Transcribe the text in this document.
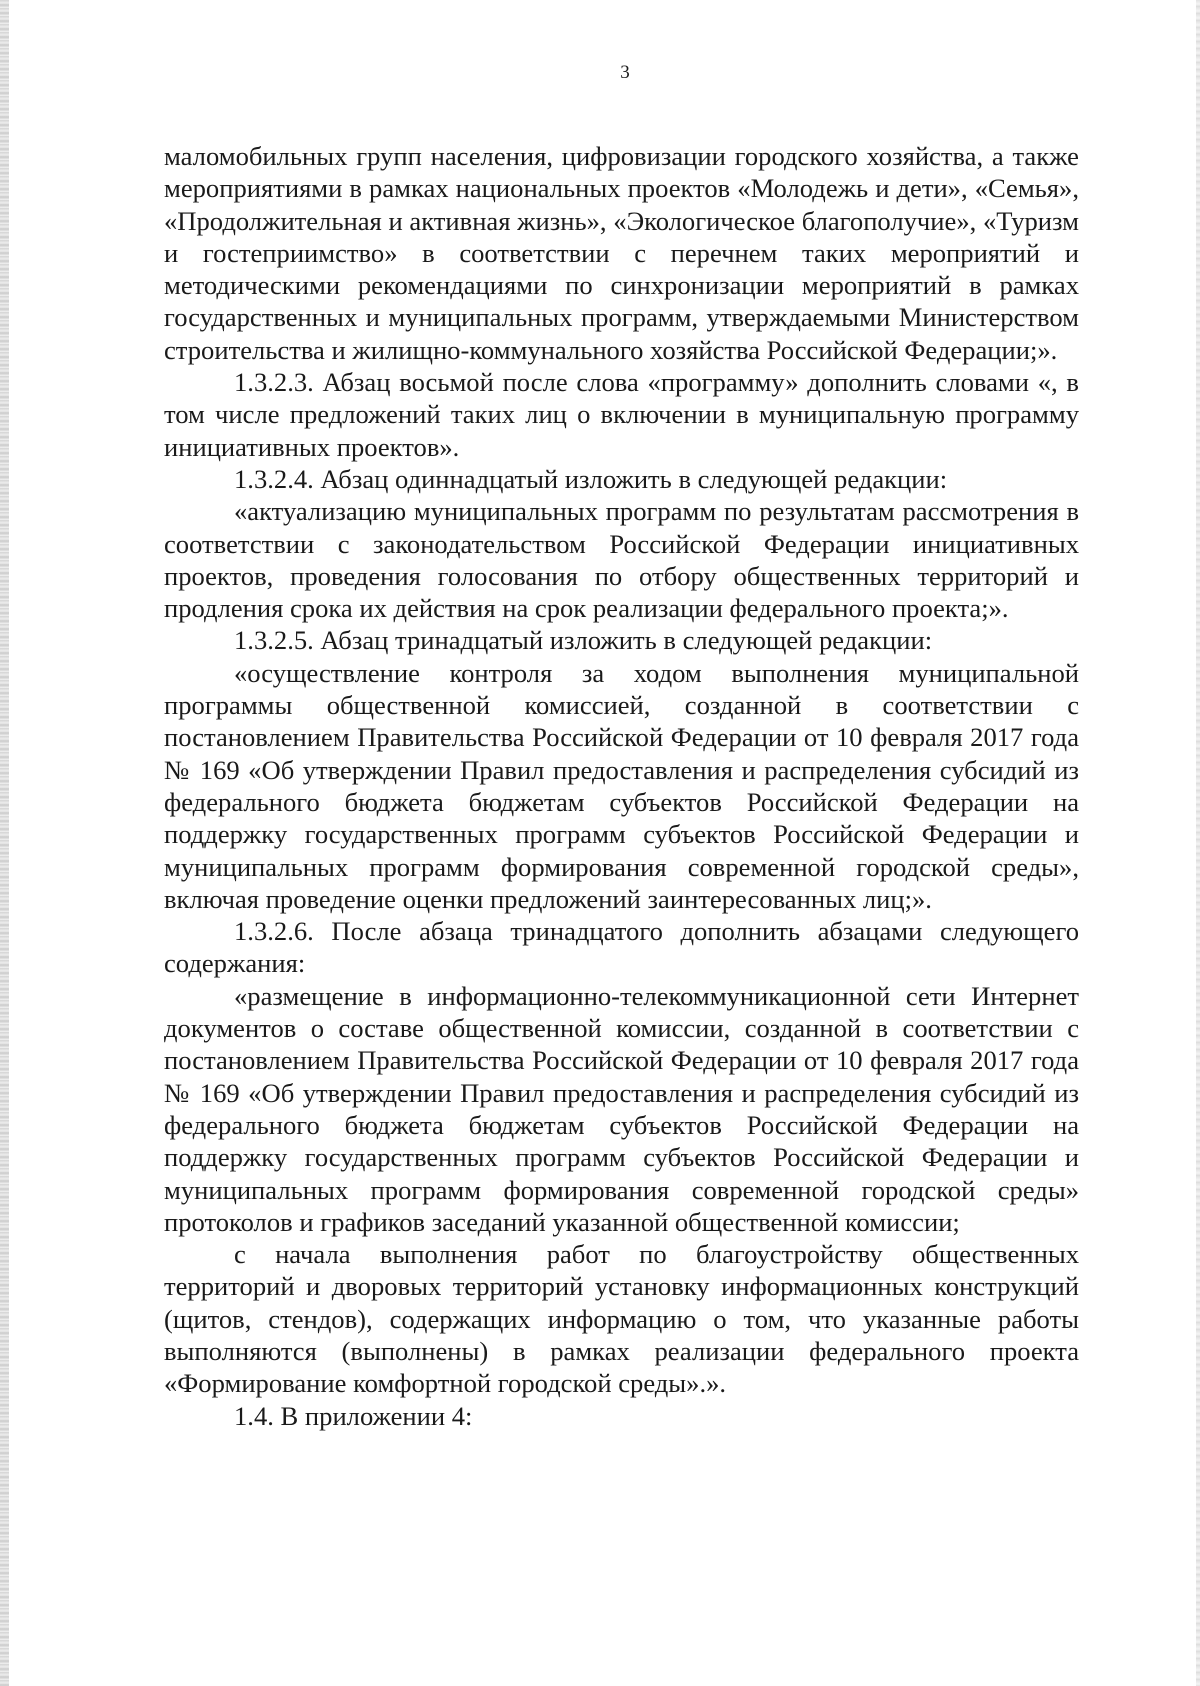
3

маломобильных групп населения, цифровизации городского хозяйства, а также мероприятиями в рамках национальных проектов «Молодежь и дети», «Семья», «Продолжительная и активная жизнь», «Экологическое благополучие», «Туризм и гостеприимство» в соответствии с перечнем таких мероприятий и методическими рекомендациями по синхронизации мероприятий в рамках государственных и муниципальных программ, утверждаемыми Министерством строительства и жилищно-коммунального хозяйства Российской Федерации;».

1.3.2.3. Абзац восьмой после слова «программу» дополнить словами «, в том числе предложений таких лиц о включении в муниципальную программу инициативных проектов».

1.3.2.4. Абзац одиннадцатый изложить в следующей редакции:

«актуализацию муниципальных программ по результатам рассмотрения в соответствии с законодательством Российской Федерации инициативных проектов, проведения голосования по отбору общественных территорий и продления срока их действия на срок реализации федерального проекта;».

1.3.2.5. Абзац тринадцатый изложить в следующей редакции:

«осуществление контроля за ходом выполнения муниципальной программы общественной комиссией, созданной в соответствии с постановлением Правительства Российской Федерации от 10 февраля 2017 года № 169 «Об утверждении Правил предоставления и распределения субсидий из федерального бюджета бюджетам субъектов Российской Федерации на поддержку государственных программ субъектов Российской Федерации и муниципальных программ формирования современной городской среды», включая проведение оценки предложений заинтересованных лиц;».

1.3.2.6. После абзаца тринадцатого дополнить абзацами следующего содержания:

«размещение в информационно-телекоммуникационной сети Интернет документов о составе общественной комиссии, созданной в соответствии с постановлением Правительства Российской Федерации от 10 февраля 2017 года № 169 «Об утверждении Правил предоставления и распределения субсидий из федерального бюджета бюджетам субъектов Российской Федерации на поддержку государственных программ субъектов Российской Федерации и муниципальных программ формирования современной городской среды» протоколов и графиков заседаний указанной общественной комиссии;

с начала выполнения работ по благоустройству общественных территорий и дворовых территорий установку информационных конструкций (щитов, стендов), содержащих информацию о том, что указанные работы выполняются (выполнены) в рамках реализации федерального проекта «Формирование комфортной городской среды».».

1.4. В приложении 4:
